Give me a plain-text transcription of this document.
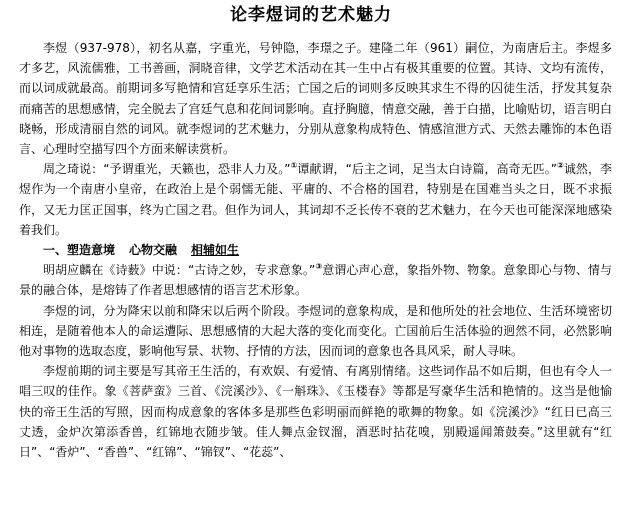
论李煜词的艺术魅力

李煜（937-978），初名从嘉，字重光，号钟隐，李璟之子。建隆二年（961）嗣位，为南唐后主。李煜多才多艺，风流儒雅，工书善画，洞晓音律，文学艺术活动在其一生中占有极其重要的位置。其诗、文均有流传，而以词成就最高。前期词多写艳情和宫廷享乐生活；亡国之后的词则多反映其求生不得的囚徒生活，抒发其复杂而痛苦的思想感情，完全脱去了宫廷气息和花间词影响。直抒胸臆，情意交融，善于白描，比喻贴切，语言明白晓畅，形成清丽自然的词风。就李煜词的艺术魅力，分别从意象构成特色、情感渲泄方式、天然去雕饰的本色语言、心理时空描写四个方面来解读赏析。

周之琦说：“予谓重光，天籁也，恐非人力及。”①谭献谓，“后主之词，足当太白诗篇，高奇无匹。”②诚然，李煜作为一个南唐小皇帝，在政治上是个弱懦无能、平庸的、不合格的国君，特别是在国难当头之日，既不求振作，又无力匡正国事，终为亡国之君。但作为词人，其词却不乏长传不衰的艺术魅力，在今天也可能深深地感染着我们。

一、塑造意境 心物交融 相辅如生

明胡应麟在《诗薮》中说：“古诗之妙，专求意象。”③意谓心声心意，象指外物、物象。意象即心与物、情与景的融合体，是熔铸了作者思想感情的语言艺术形象。

李煜的词，分为降宋以前和降宋以后两个阶段。李煜词的意象构成，是和他所处的社会地位、生活环境密切相连，是随着他本人的命运遭际、思想感情的大起大落的变化而变化。亡国前后生活体验的迥然不同，必然影响他对事物的选取态度，影响他写景、状物、抒情的方法，因而词的意象也各具风采，耐人寻味。

李煜前期的词主要是写其帝王生活的，有欢娱、有爱情、有离别情绪。这些词作品不如后期，但也有令人一唱三叹的佳作。象《菩萨蛮》三首、《浣溪沙》、《一斛珠》、《玉楼春》等都是写豪华生活和艳情的。这当是他愉快的帝王生活的写照，因而构成意象的客体多是那些色彩明丽而鲜艳的歌舞的物象。如《浣溪沙》“红日已高三丈透，金炉次第添香兽，红锦地衣随步皱。佳人舞点金钗溜，酒恶时拈花嗅，别殿遥闻箫鼓奏。”这里就有“红日”、“香炉”、“香兽”、“红锦”、“锦钗”、“花蕊”、
